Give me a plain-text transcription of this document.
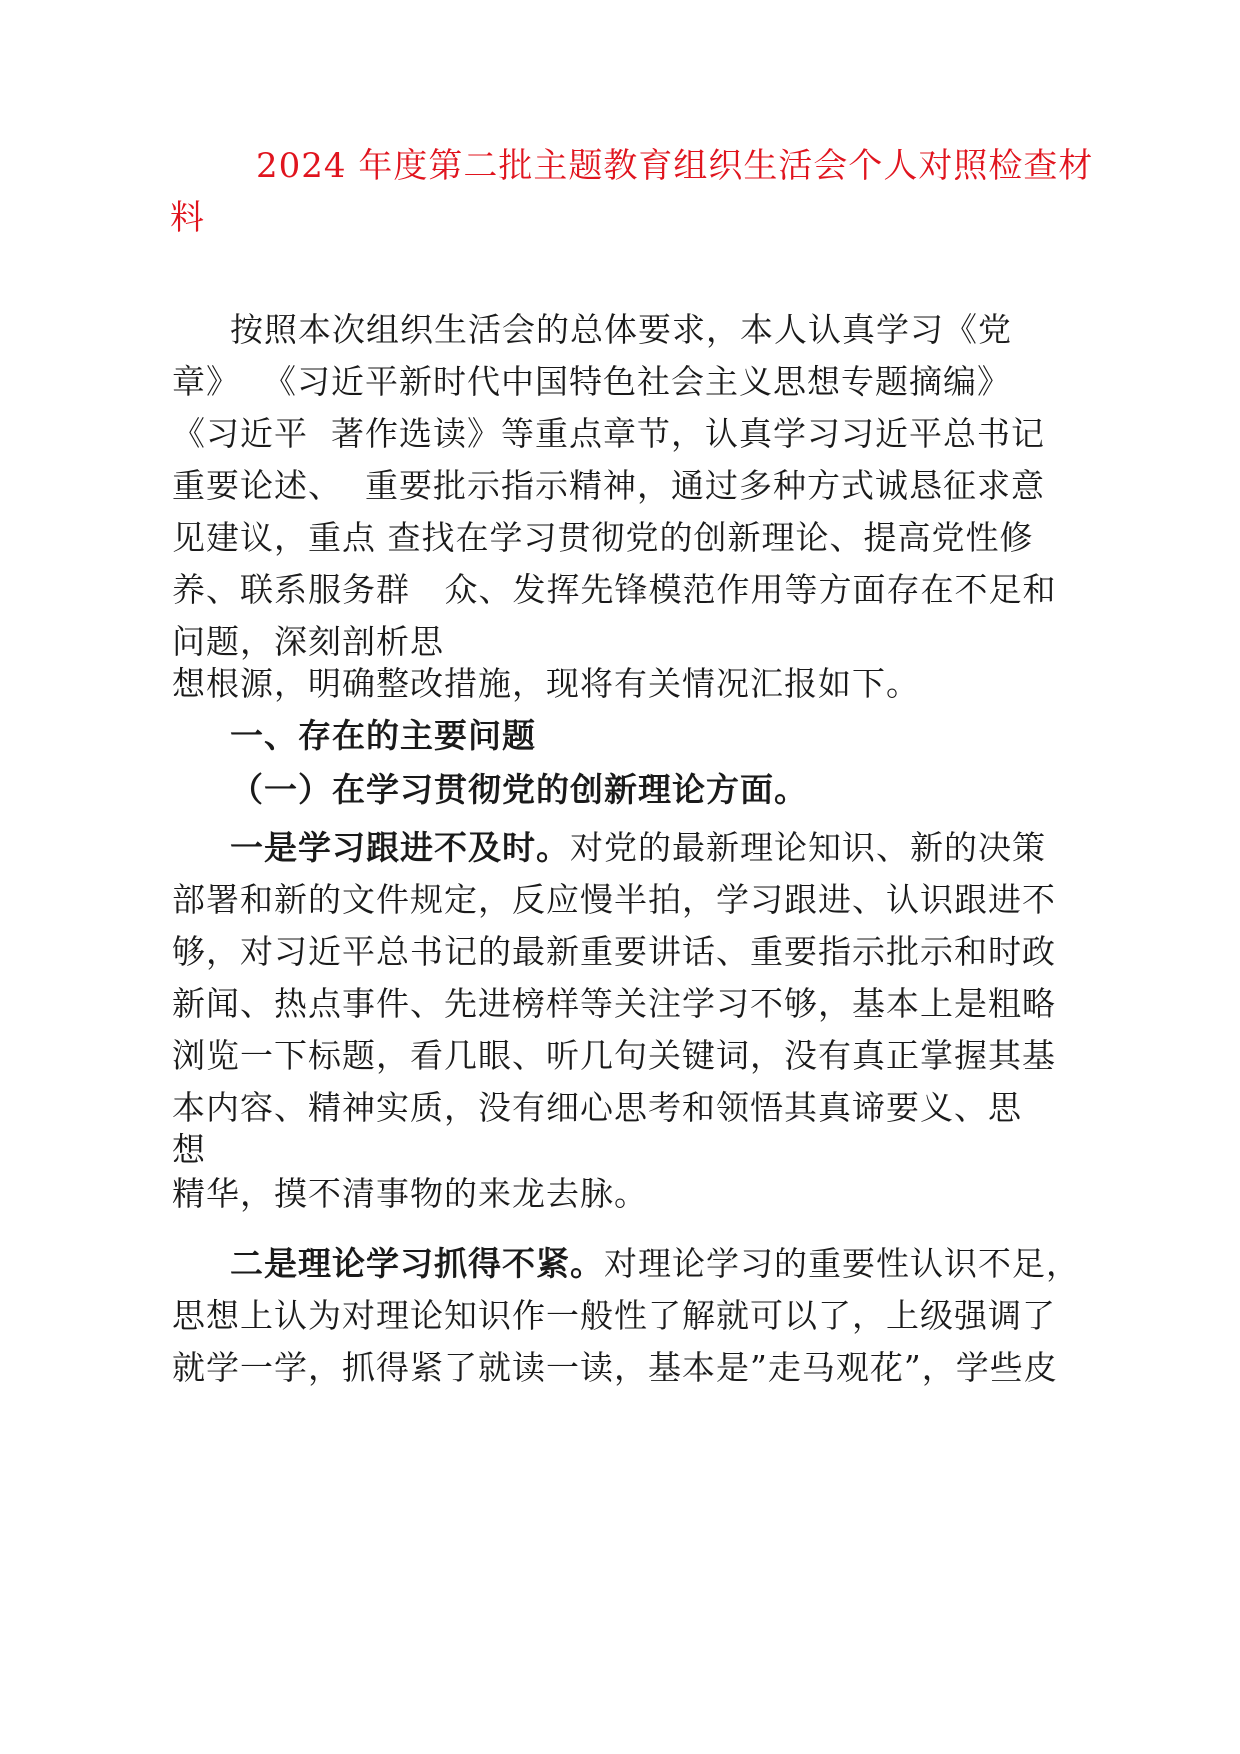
2024 年度第二批主题教育组织生活会个人对照检查材
料
按照本次组织生活会的总体要求，本人认真学习《党
章》  《习近平新时代中国特色社会主义思想专题摘编》
《习近平  著作选读》等重点章节，认真学习习近平总书记
重要论述、  重要批示指示精神，通过多种方式诚恳征求意
见建议，重点 查找在学习贯彻党的创新理论、提高党性修
养、联系服务群   众、发挥先锋模范作用等方面存在不足和
问题，深刻剖析思
想根源，明确整改措施，现将有关情况汇报如下。
一、存在的主要问题
（一）在学习贯彻党的创新理论方面。
一是学习跟进不及时。对党的最新理论知识、新的决策
部署和新的文件规定，反应慢半拍，学习跟进、认识跟进不
够，对习近平总书记的最新重要讲话、重要指示批示和时政
新闻、热点事件、先进榜样等关注学习不够，基本上是粗略
浏览一下标题，看几眼、听几句关键词，没有真正掌握其基
本内容、精神实质，没有细心思考和领悟其真谛要义、思
想
精华，摸不清事物的来龙去脉。
二是理论学习抓得不紧。对理论学习的重要性认识不足，
思想上认为对理论知识作一般性了解就可以了，上级强调了
就学一学，抓得紧了就读一读，基本是”走马观花”，学些皮
